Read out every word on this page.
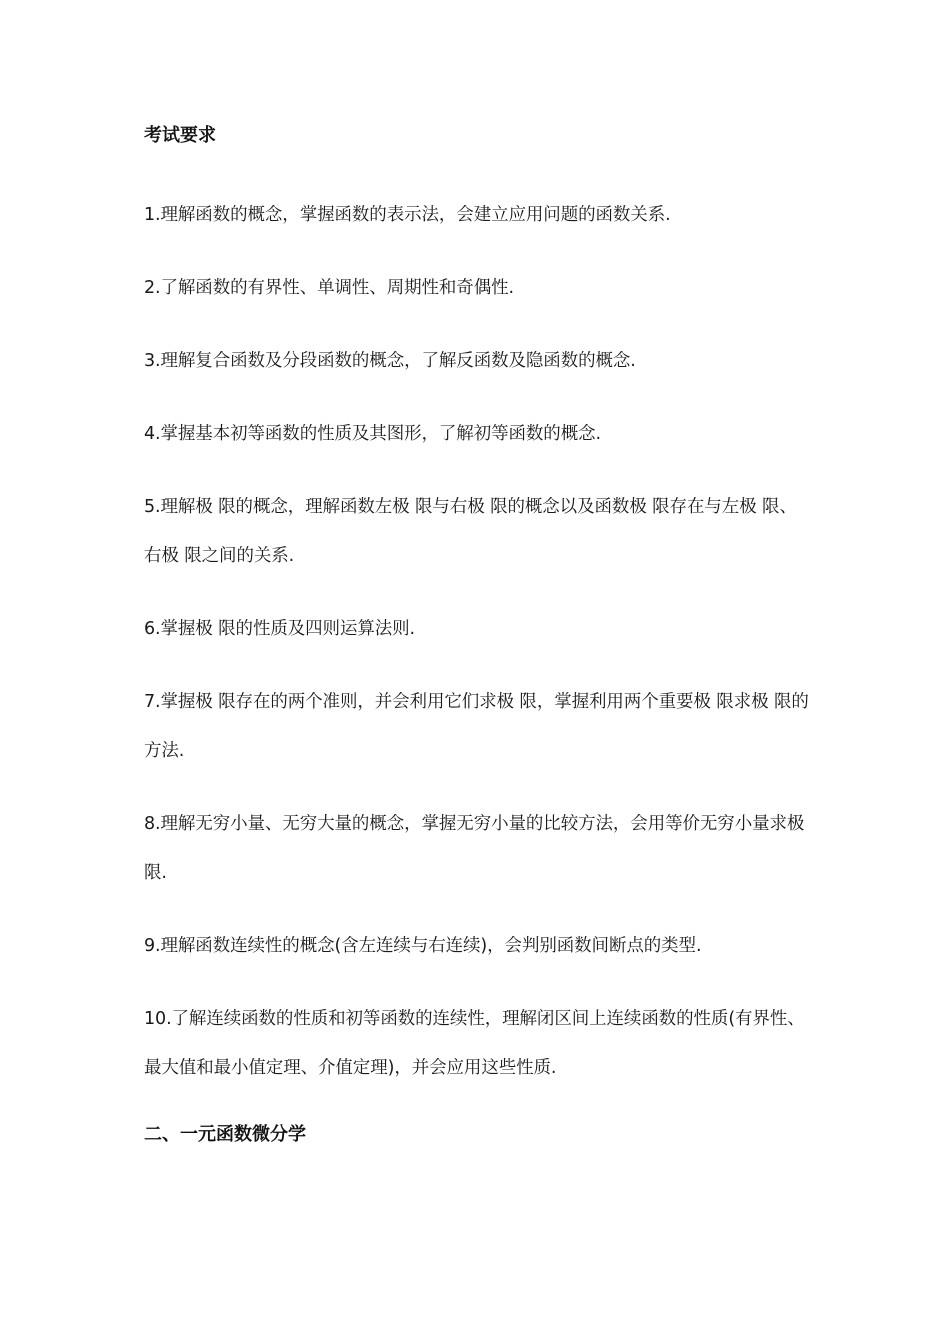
考试要求

1.理解函数的概念，掌握函数的表示法，会建立应用问题的函数关系.

2.了解函数的有界性、单调性、周期性和奇偶性.

3.理解复合函数及分段函数的概念，了解反函数及隐函数的概念.

4.掌握基本初等函数的性质及其图形，了解初等函数的概念.

5.理解极 限的概念，理解函数左极 限与右极 限的概念以及函数极 限存在与左极 限、右极 限之间的关系.

6.掌握极 限的性质及四则运算法则.

7.掌握极 限存在的两个准则，并会利用它们求极 限，掌握利用两个重要极 限求极 限的方法.

8.理解无穷小量、无穷大量的概念，掌握无穷小量的比较方法，会用等价无穷小量求极 限.

9.理解函数连续性的概念(含左连续与右连续)，会判别函数间断点的类型.

10.了解连续函数的性质和初等函数的连续性，理解闭区间上连续函数的性质(有界性、最大值和最小值定理、介值定理)，并会应用这些性质.

二、一元函数微分学
